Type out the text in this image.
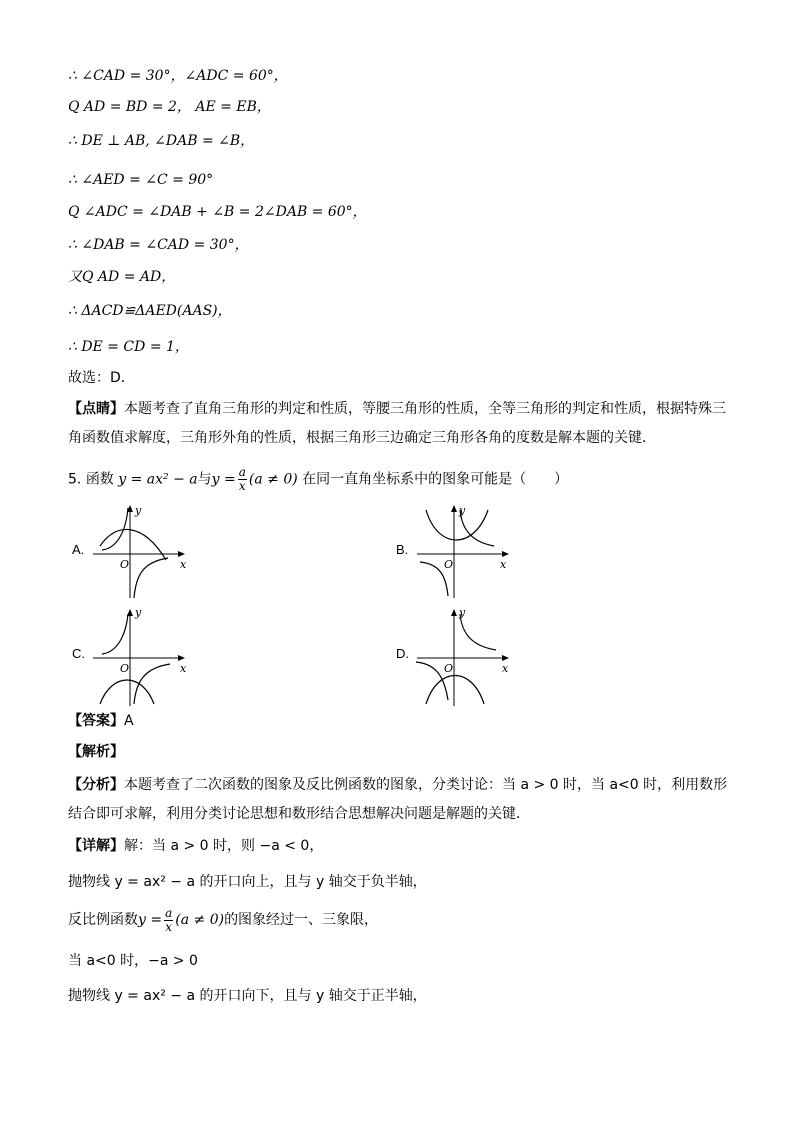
∴ ∠CAD = 30°，∠ADC = 60°，
Q AD = BD = 2， AE = EB，
∴ DE ⊥ AB, ∠DAB = ∠B，
∴ ∠AED = ∠C = 90°
Q ∠ADC = ∠DAB + ∠B = 2∠DAB = 60°，
∴ ∠DAB = ∠CAD = 30°，
又Q AD = AD，
∴ ΔACD≌ΔAED(AAS)，
∴ DE = CD = 1，
故选：D．
【点睛】本题考查了直角三角形的判定和性质，等腰三角形的性质，全等三角形的判定和性质，根据特殊三角函数值求解度，三角形外角的性质，根据三角形三边确定三角形各角的度数是解本题的关键．
5. 函数 y = ax² − a与$y = \frac{a}{x} (a \ne 0)$ 在同一直角坐标系中的图象可能是（　　）
A.	B.
C.	D.
y
x
O
y
x
O
y
x
O
y
x
O
【答案】A
【解析】
【分析】本题考查了二次函数的图象及反比例函数的图象，分类讨论：当 a > 0 时，当 a<0 时，利用数形结合即可求解，利用分类讨论思想和数形结合思想解决问题是解题的关键．
【详解】解：当 a > 0 时，则 −a < 0，
抛物线 y = ax² − a 的开口向上，且与 y 轴交于负半轴，
反比例函数$y = \frac{a}{x} (a \ne 0)$的图象经过一、三象限，
当 a<0 时，−a > 0
抛物线 y = ax² − a 的开口向下，且与 y 轴交于正半轴，
